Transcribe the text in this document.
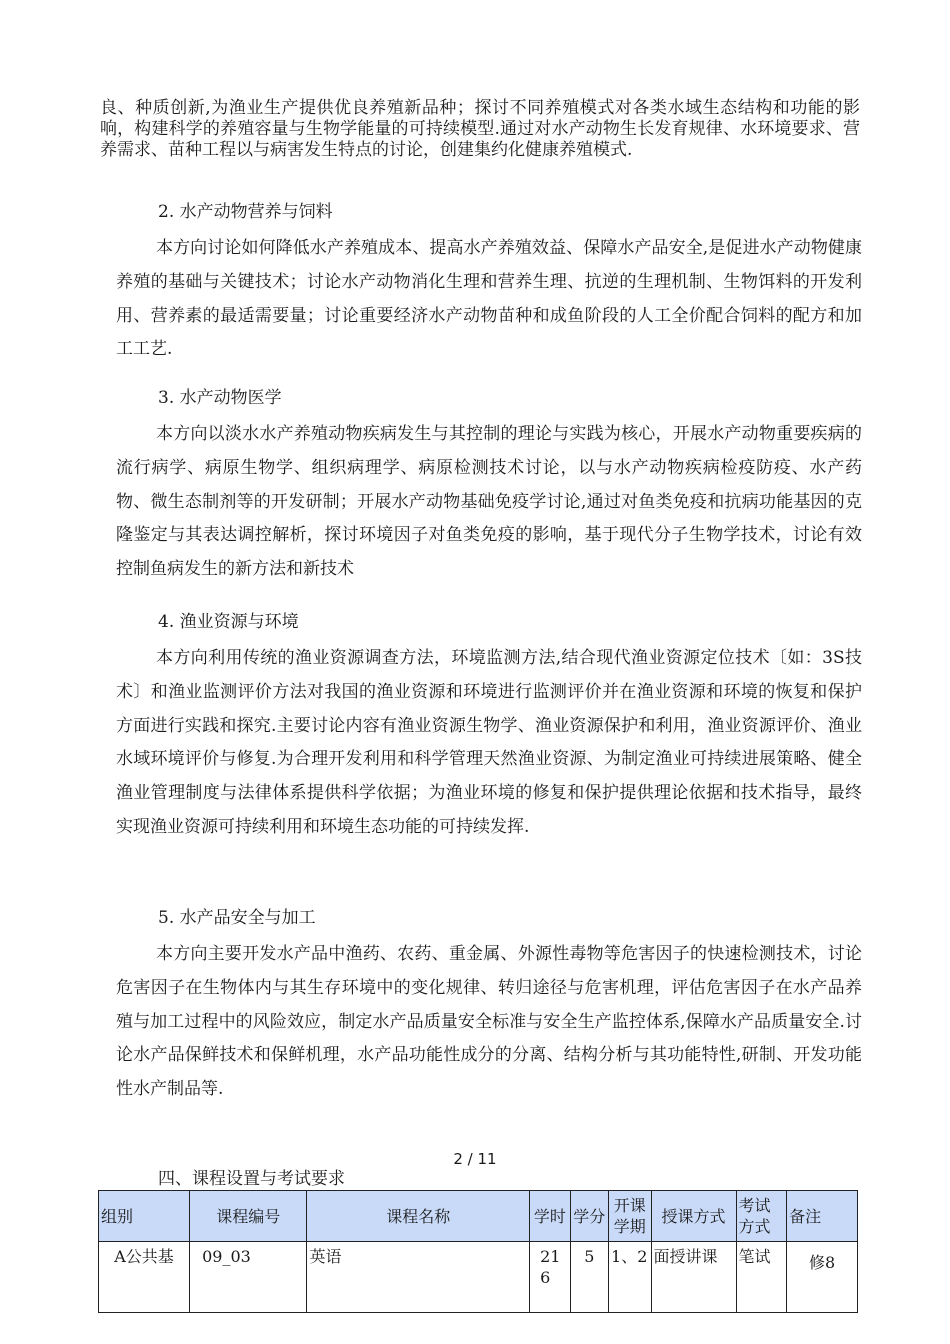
良、种质创新,为渔业生产提供优良养殖新品种；探讨不同养殖模式对各类水域生态结构和功能的影响，构建科学的养殖容量与生物学能量的可持续模型.通过对水产动物生长发育规律、水环境要求、营养需求、苗种工程以与病害发生特点的讨论，创建集约化健康养殖模式.

2. 水产动物营养与饲料

本方向讨论如何降低水产养殖成本、提高水产养殖效益、保障水产品安全,是促进水产动物健康养殖的基础与关键技术；讨论水产动物消化生理和营养生理、抗逆的生理机制、生物饵料的开发利用、营养素的最适需要量；讨论重要经济水产动物苗种和成鱼阶段的人工全价配合饲料的配方和加工工艺.

3. 水产动物医学

本方向以淡水水产养殖动物疾病发生与其控制的理论与实践为核心，开展水产动物重要疾病的流行病学、病原生物学、组织病理学、病原检测技术讨论，以与水产动物疾病检疫防疫、水产药物、微生态制剂等的开发研制；开展水产动物基础免疫学讨论,通过对鱼类免疫和抗病功能基因的克隆鉴定与其表达调控解析，探讨环境因子对鱼类免疫的影响，基于现代分子生物学技术，讨论有效控制鱼病发生的新方法和新技术

4. 渔业资源与环境

本方向利用传统的渔业资源调查方法，环境监测方法,结合现代渔业资源定位技术〔如：3S技术〕和渔业监测评价方法对我国的渔业资源和环境进行监测评价并在渔业资源和环境的恢复和保护方面进行实践和探究.主要讨论内容有渔业资源生物学、渔业资源保护和利用，渔业资源评价、渔业水域环境评价与修复.为合理开发利用和科学管理天然渔业资源、为制定渔业可持续进展策略、健全渔业管理制度与法律体系提供科学依据；为渔业环境的修复和保护提供理论依据和技术指导，最终实现渔业资源可持续利用和环境生态功能的可持续发挥.

5. 水产品安全与加工

本方向主要开发水产品中渔药、农药、重金属、外源性毒物等危害因子的快速检测技术，讨论危害因子在生物体内与其生存环境中的变化规律、转归途径与危害机理，评估危害因子在水产品养殖与加工过程中的风险效应，制定水产品质量安全标准与安全生产监控体系,保障水产品质量安全.讨论水产品保鲜技术和保鲜机理，水产品功能性成分的分离、结构分析与其功能特性,研制、开发功能性水产制品等.

2 / 11

四、课程设置与考试要求

组别	课程编号	课程名称	学时	学分	开课学期	授课方式	考试方式	备注
A公共基	09_03	英语	216	5	1、2	面授讲课	笔试	修8
